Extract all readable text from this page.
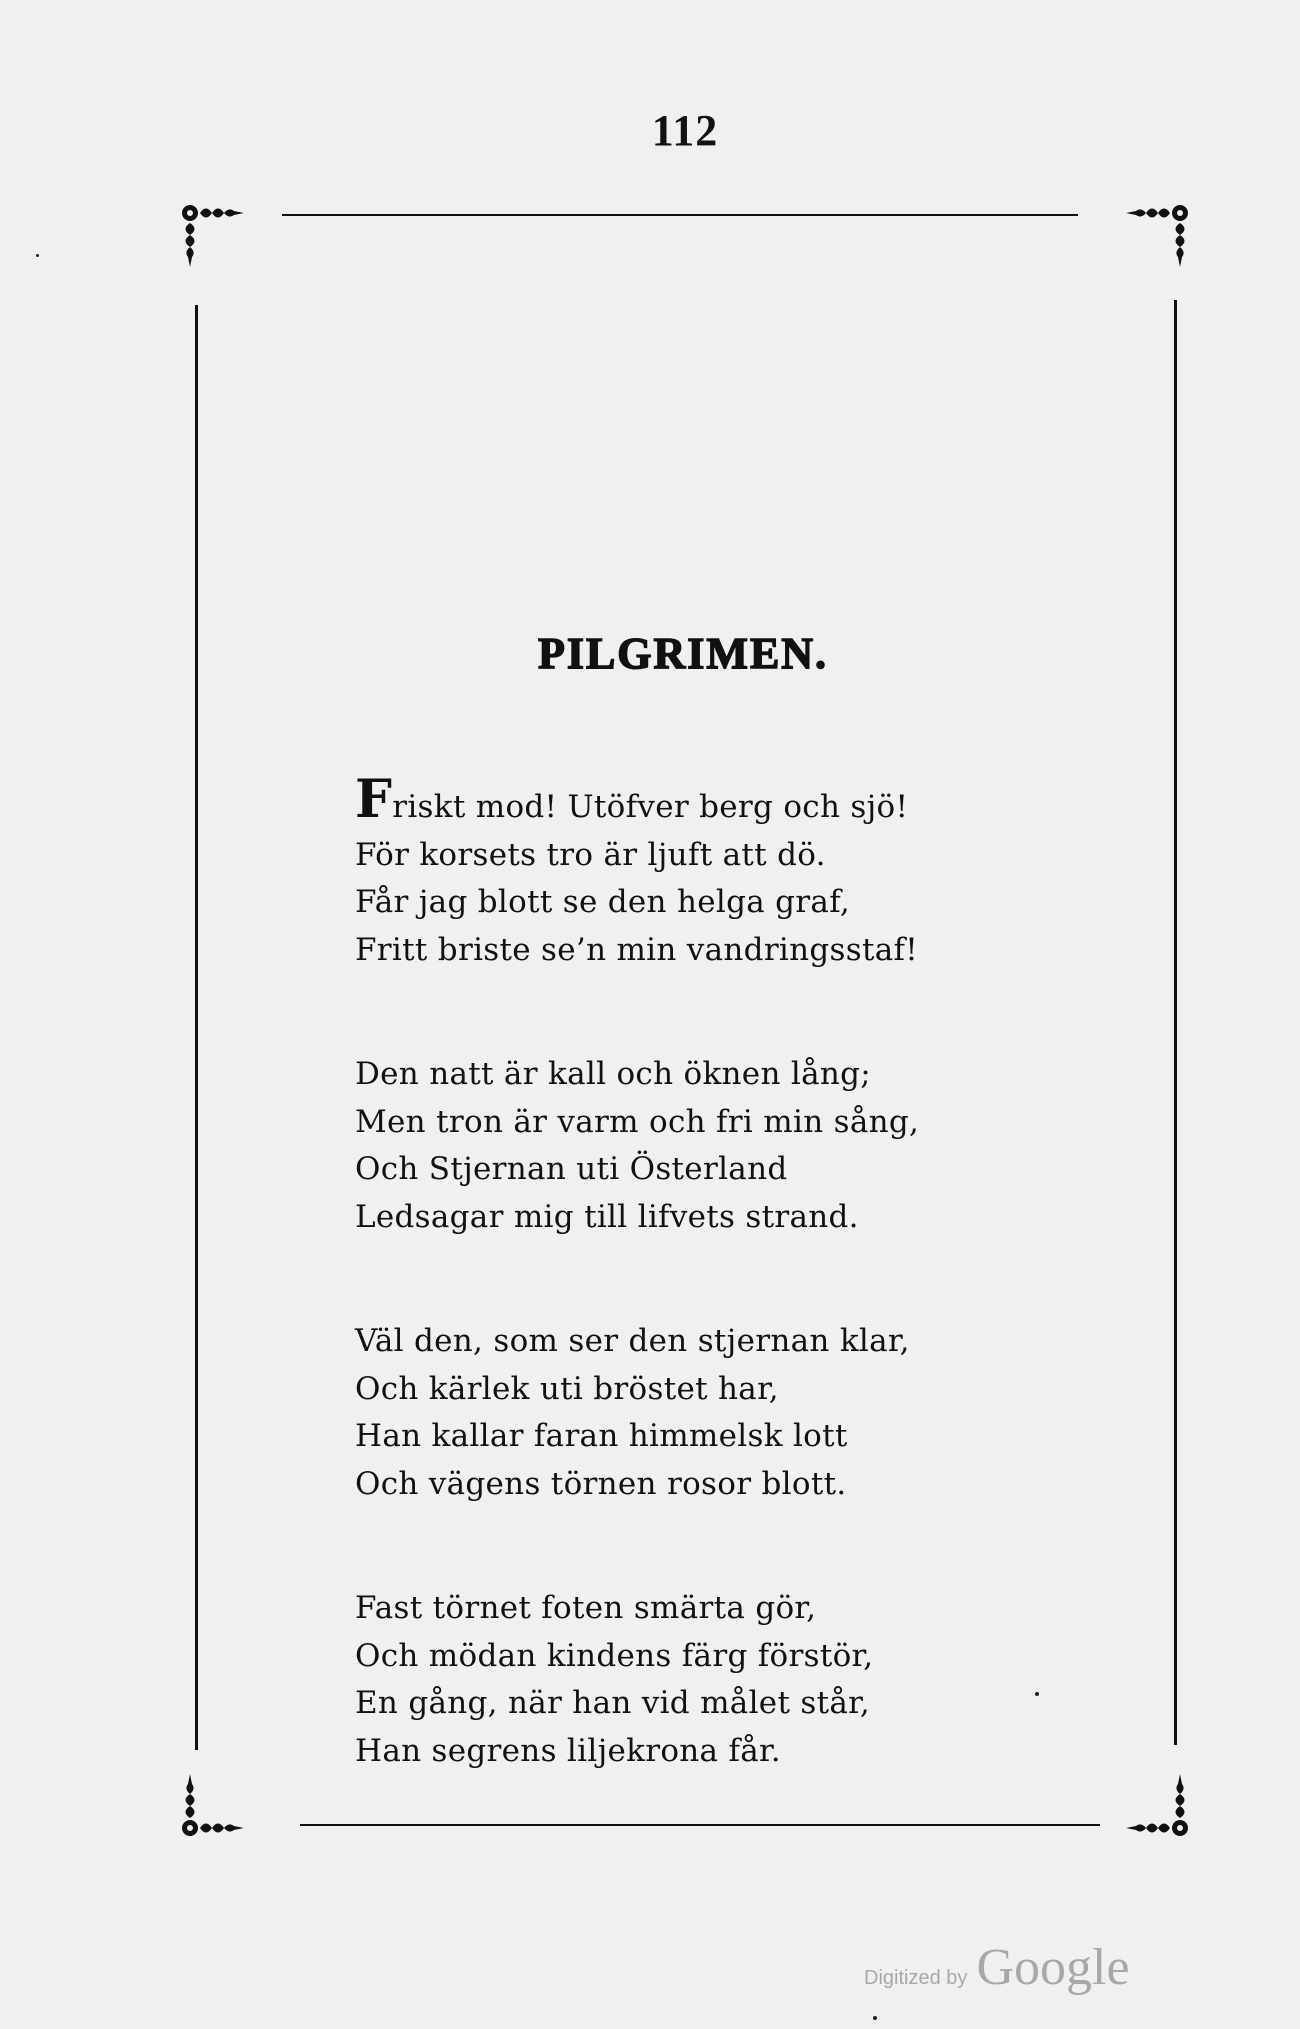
112
PILGRIMEN.
Friskt mod! Utöfver berg och sjö!
För korsets tro är ljuft att dö.
Får jag blott se den helga graf,
Fritt briste se’n min vandringsstaf!
Den natt är kall och öknen lång;
Men tron är varm och fri min sång,
Och Stjernan uti Österland
Ledsagar mig till lifvets strand.
Väl den, som ser den stjernan klar,
Och kärlek uti bröstet har,
Han kallar faran himmelsk lott
Och vägens törnen rosor blott.
Fast törnet foten smärta gör,
Och mödan kindens färg förstör,
En gång, när han vid målet står,
Han segrens liljekrona får.
Digitized by Google
